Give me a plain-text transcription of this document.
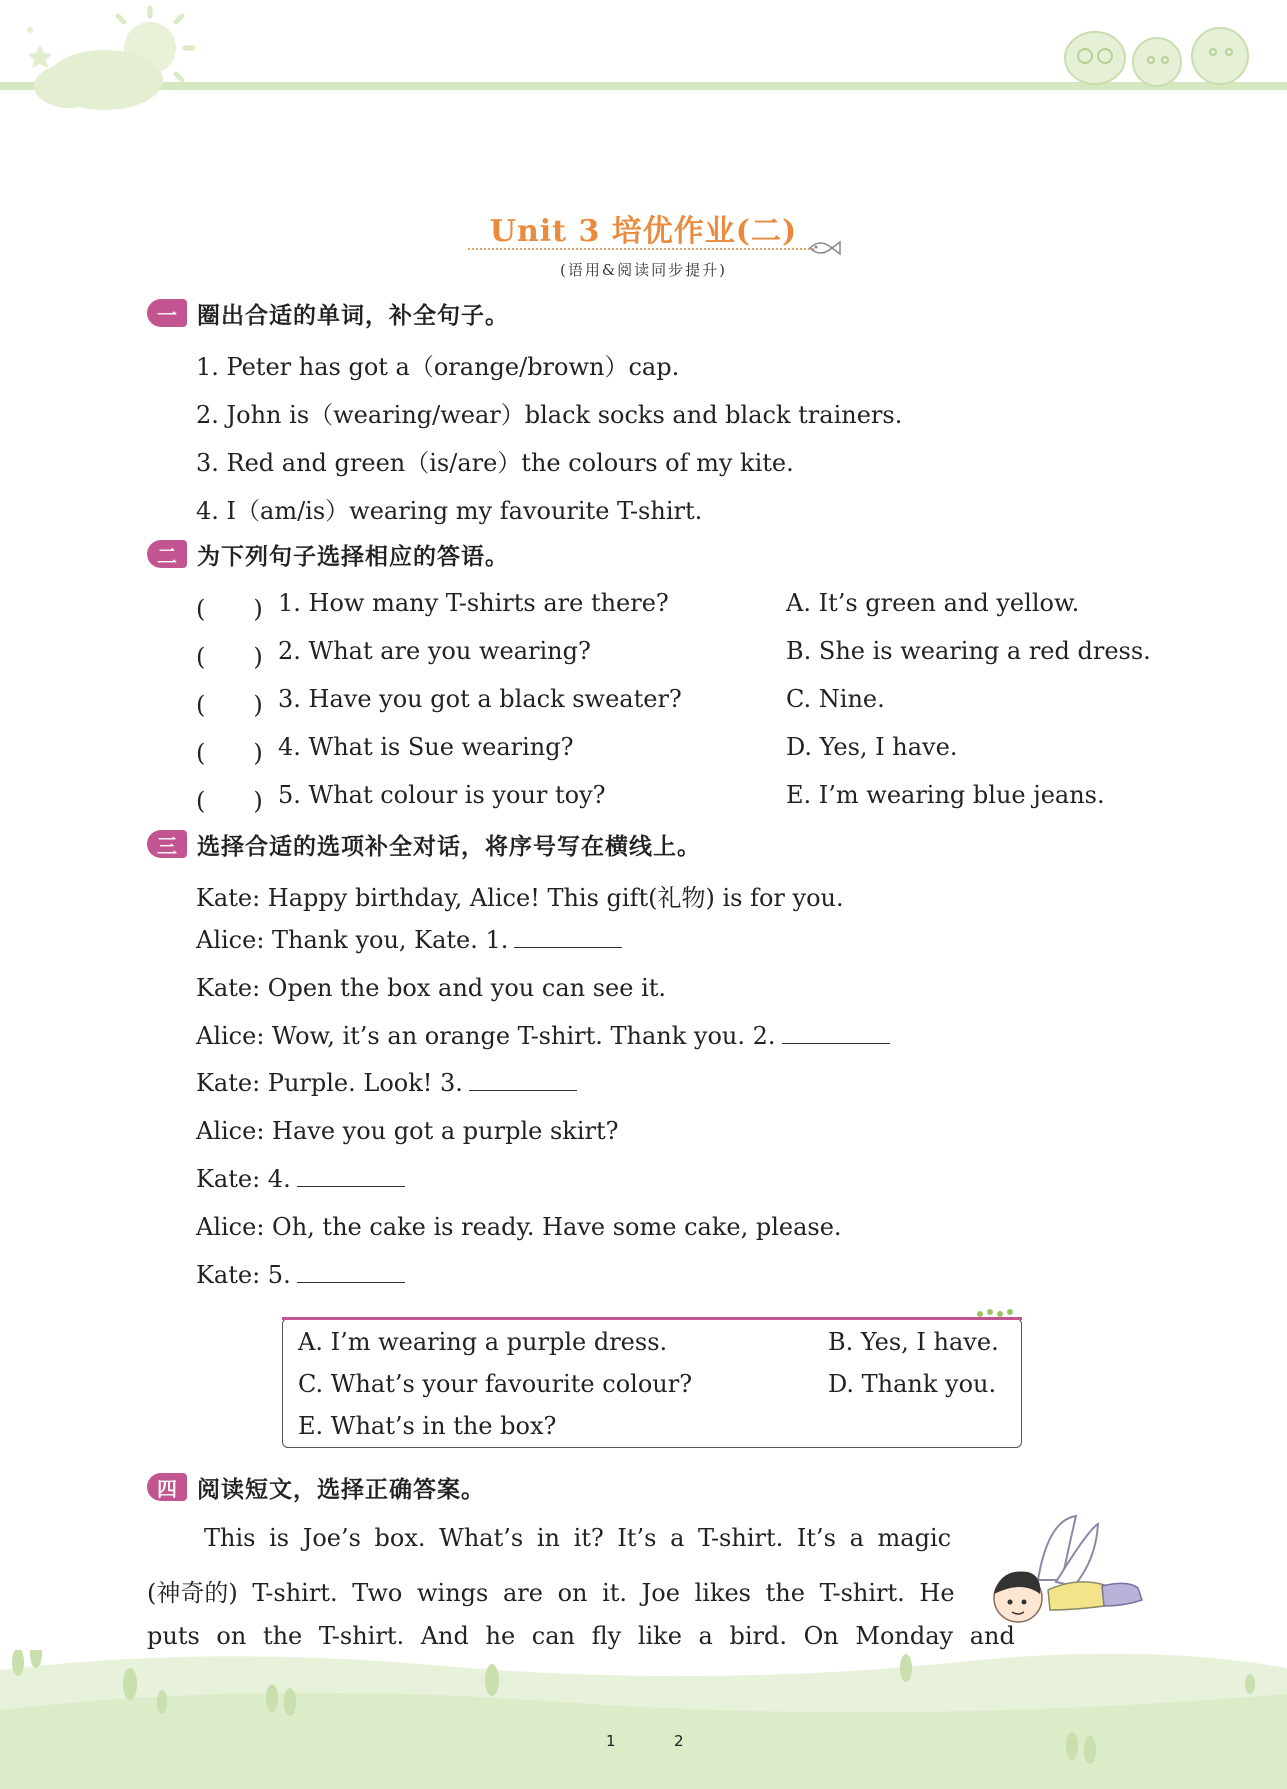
Unit 3 培优作业(二)
(语用&阅读同步提升)
一 圈出合适的单词，补全句子。
1. Peter has got a（orange/brown）cap.
2. John is（wearing/wear）black socks and black trainers.
3. Red and green（is/are）the colours of my kite.
4. I（am/is）wearing my favourite T-shirt.
二 为下列句子选择相应的答语。
(　　) 1. How many T-shirts are there?	A. It’s green and yellow.
(　　) 2. What are you wearing?	B. She is wearing a red dress.
(　　) 3. Have you got a black sweater?	C. Nine.
(　　) 4. What is Sue wearing?	D. Yes, I have.
(　　) 5. What colour is your toy?	E. I’m wearing blue jeans.
三 选择合适的选项补全对话，将序号写在横线上。
Kate: Happy birthday, Alice! This gift(礼物) is for you.
Alice: Thank you, Kate. 1.
Kate: Open the box and you can see it.
Alice: Wow, it’s an orange T-shirt. Thank you. 2.
Kate: Purple. Look! 3.
Alice: Have you got a purple skirt?
Kate: 4.
Alice: Oh, the cake is ready. Have some cake, please.
Kate: 5.
A. I’m wearing a purple dress.	B. Yes, I have.
C. What’s your favourite colour?	D. Thank you.
E. What’s in the box?
四 阅读短文，选择正确答案。
This is Joe’s box. What’s in it? It’s a T-shirt. It’s a magic
(神奇的) T-shirt. Two wings are on it. Joe likes the T-shirt. He
puts on the T-shirt. And he can fly like a bird. On Monday and
1	2
